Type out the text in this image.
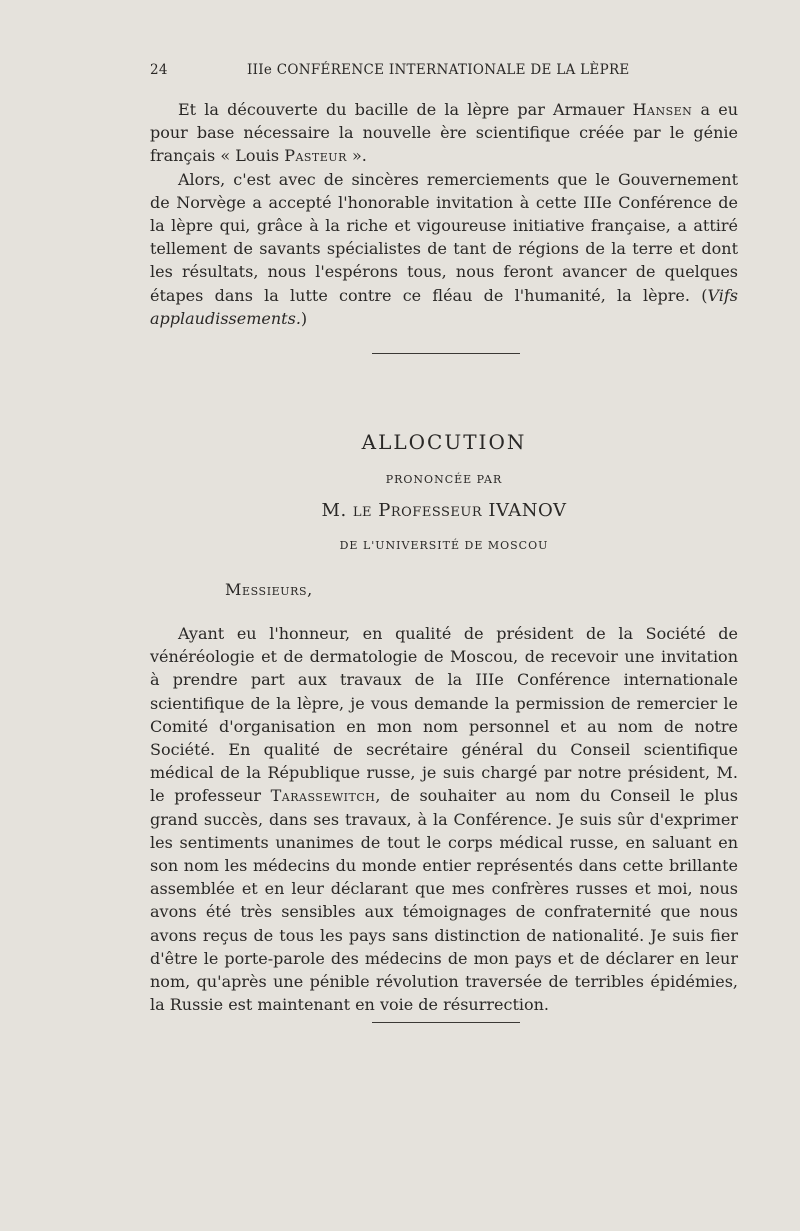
24	IIIe CONFÉRENCE INTERNATIONALE DE LA LÈPRE

Et la découverte du bacille de la lèpre par Armauer Hansen a eu pour base nécessaire la nouvelle ère scientifique créée par le génie français « Louis Pasteur ».

Alors, c'est avec de sincères remerciements que le Gouvernement de Norvège a accepté l'honorable invitation à cette IIIe Conférence de la lèpre qui, grâce à la riche et vigoureuse initiative française, a attiré tellement de savants spécialistes de tant de régions de la terre et dont les résultats, nous l'espérons tous, nous feront avancer de quelques étapes dans la lutte contre ce fléau de l'humanité, la lèpre. (Vifs applaudissements.)

ALLOCUTION
PRONONCÉE PAR
M. le Professeur IVANOV
DE L'UNIVERSITÉ DE MOSCOU
Messieurs,

Ayant eu l'honneur, en qualité de président de la Société de vénéréologie et de dermatologie de Moscou, de recevoir une invitation à prendre part aux travaux de la IIIe Conférence internationale scientifique de la lèpre, je vous demande la permission de remercier le Comité d'organisation en mon nom personnel et au nom de notre Société. En qualité de secrétaire général du Conseil scientifique médical de la République russe, je suis chargé par notre président, M. le professeur Tarassewitch, de souhaiter au nom du Conseil le plus grand succès, dans ses travaux, à la Conférence. Je suis sûr d'exprimer les sentiments unanimes de tout le corps médical russe, en saluant en son nom les médecins du monde entier représentés dans cette brillante assemblée et en leur déclarant que mes confrères russes et moi, nous avons été très sensibles aux témoignages de confraternité que nous avons reçus de tous les pays sans distinction de nationalité. Je suis fier d'être le porte-parole des médecins de mon pays et de déclarer en leur nom, qu'après une pénible révolution traversée de terribles épidémies, la Russie est maintenant en voie de résurrection.
